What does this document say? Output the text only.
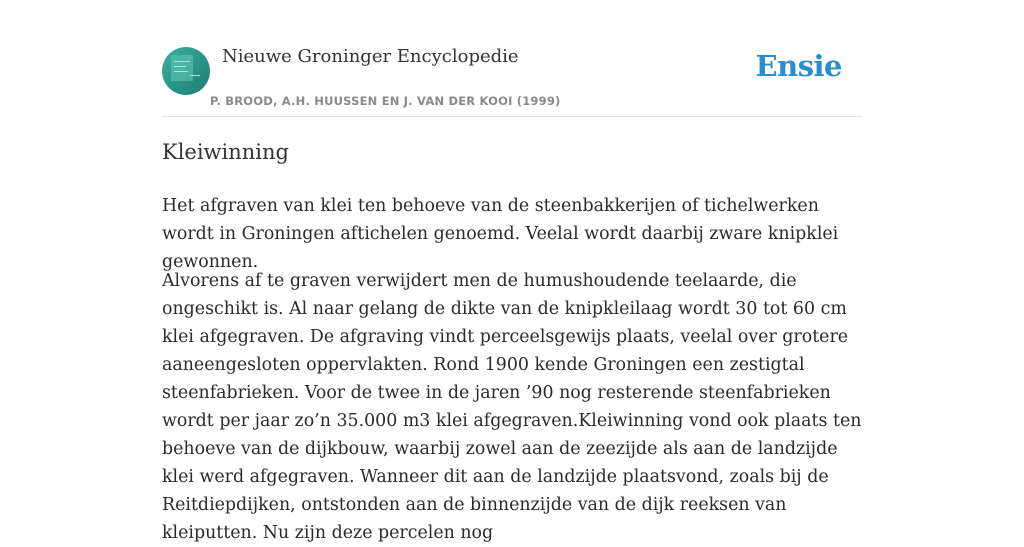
Nieuwe Groninger Encyclopedie
P. BROOD, A.H. HUUSSEN EN J. VAN DER KOOI (1999)
Ensie
Kleiwinning

Het afgraven van klei ten behoeve van de steenbakkerijen of tichelwerken wordt in Groningen aftichelen genoemd. Veelal wordt daarbij zware knipklei gewonnen.

Alvorens af te graven verwijdert men de humushoudende teelaarde, die ongeschikt is. Al naar gelang de dikte van de knipkleilaag wordt 30 tot 60 cm klei afgegraven. De afgraving vindt perceelsgewijs plaats, veelal over grotere aaneengesloten oppervlakten. Rond 1900 kende Groningen een zestigtal steenfabrieken. Voor de twee in de jaren ’90 nog resterende steenfabrieken wordt per jaar zo’n 35.000 m3 klei afgegraven.Kleiwinning vond ook plaats ten behoeve van de dijkbouw, waarbij zowel aan de zeezijde als aan de landzijde klei werd afgegraven. Wanneer dit aan de landzijde plaatsvond, zoals bij de Reitdiepdijken, ontstonden aan de binnenzijde van de dijk reeksen van kleiputten. Nu zijn deze percelen nog
